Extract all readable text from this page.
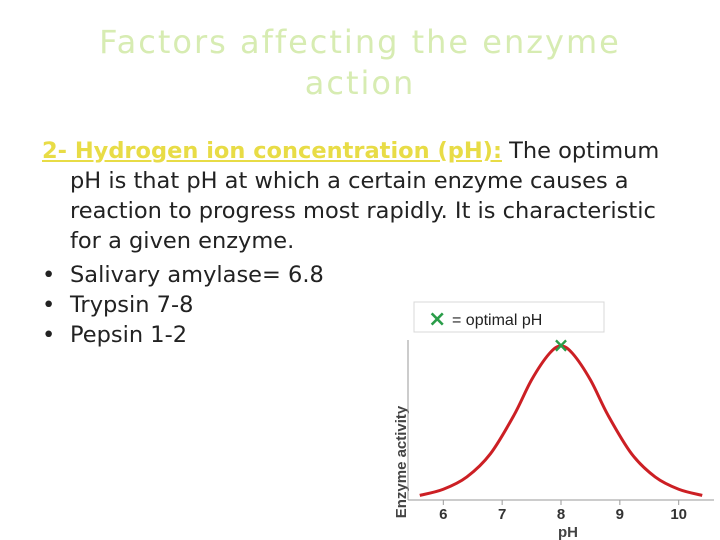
Factors affecting the enzyme
action

2- Hydrogen ion concentration (pH): The optimum pH is that pH at which a certain enzyme causes a reaction to progress most rapidly. It is characteristic for a given enzyme.

• Salivary amylase= 6.8
• Trypsin 7-8
• Pepsin 1-2
× = optimal pH
Enzyme activity
pH
6	7	8	9	10
×
